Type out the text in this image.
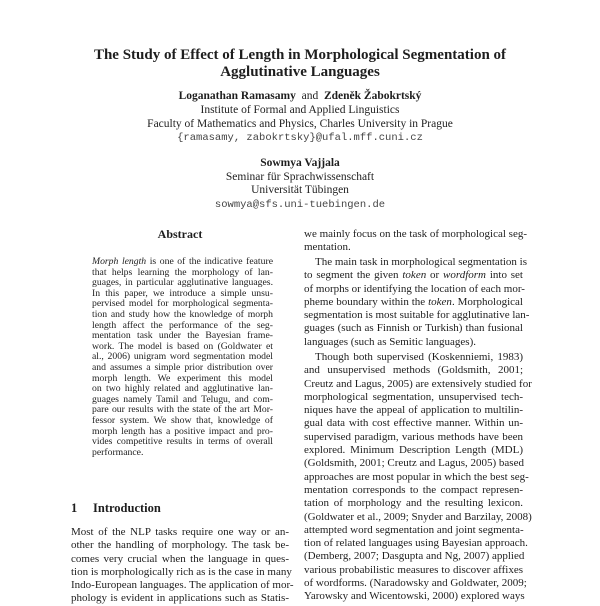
The Study of Effect of Length in Morphological Segmentation of
Agglutinative Languages
Loganathan Ramasamy and Zdeněk Žabokrtský
Institute of Formal and Applied Linguistics
Faculty of Mathematics and Physics, Charles University in Prague
{ramasamy, zabokrtsky}@ufal.mff.cuni.cz
Sowmya Vajjala
Seminar für Sprachwissenschaft
Universität Tübingen
sowmya@sfs.uni-tuebingen.de
Abstract
Morph length is one of the indicative feature
that helps learning the morphology of lan-
guages, in particular agglutinative languages.
In this paper, we introduce a simple unsu-
pervised model for morphological segmenta-
tion and study how the knowledge of morph
length affect the performance of the seg-
mentation task under the Bayesian frame-
work. The model is based on (Goldwater et
al., 2006) unigram word segmentation model
and assumes a simple prior distribution over
morph length. We experiment this model
on two highly related and agglutinative lan-
guages namely Tamil and Telugu, and com-
pare our results with the state of the art Mor-
fessor system. We show that, knowledge of
morph length has a positive impact and pro-
vides competitive results in terms of overall
performance.
1 Introduction
Most of the NLP tasks require one way or an-
other the handling of morphology. The task be-
comes very crucial when the language in ques-
tion is morphologically rich as is the case in many
Indo-European languages. The application of mor-
phology is evident in applications such as Statis-
we mainly focus on the task of morphological seg-
mentation.
The main task in morphological segmentation is
to segment the given token or wordform into set
of morphs or identifying the location of each mor-
pheme boundary within the token. Morphological
segmentation is most suitable for agglutinative lan-
guages (such as Finnish or Turkish) than fusional
languages (such as Semitic languages).
Though both supervised (Koskenniemi, 1983)
and unsupervised methods (Goldsmith, 2001;
Creutz and Lagus, 2005) are extensively studied for
morphological segmentation, unsupervised tech-
niques have the appeal of application to multilin-
gual data with cost effective manner. Within un-
supervised paradigm, various methods have been
explored. Minimum Description Length (MDL)
(Goldsmith, 2001; Creutz and Lagus, 2005) based
approaches are most popular in which the best seg-
mentation corresponds to the compact represen-
tation of morphology and the resulting lexicon.
(Goldwater et al., 2009; Snyder and Barzilay, 2008)
attempted word segmentation and joint segmenta-
tion of related languages using Bayesian approach.
(Demberg, 2007; Dasgupta and Ng, 2007) applied
various probabilistic measures to discover affixes
of wordforms. (Naradowsky and Goldwater, 2009;
Yarowsky and Wicentowski, 2000) explored ways
